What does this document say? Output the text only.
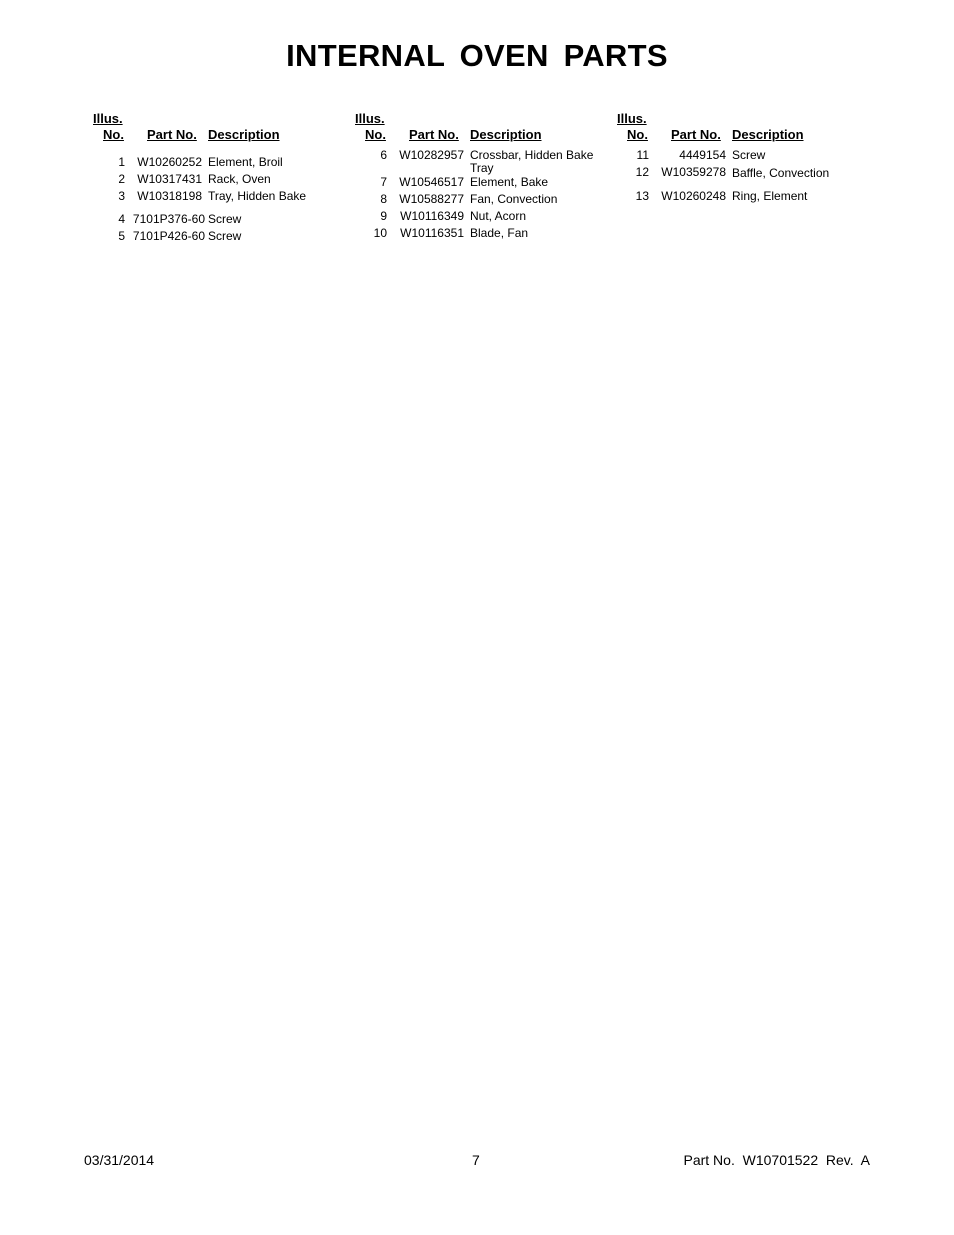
INTERNAL OVEN PARTS
Illus.
No. Part No. Description
1	W10260252 Element, Broil
2	W10317431 Rack, Oven
3	W10318198 Tray, Hidden Bake
4 7101P376-60 Screw
5 7101P426-60 Screw
Illus.
No. Part No. Description
6	W10282957 Crossbar, Hidden Bake
Tray
7	W10546517 Element, Bake
8	W10588277 Fan, Convection
9	W10116349 Nut, Acorn
10	W10116351 Blade, Fan
Illus.
No. Part No. Description
11	4449154 Screw
12	W10359278 Baffle, Convection
13	W10260248 Ring, Element
03/31/2014	7	Part No.  W10701522  Rev.  A
